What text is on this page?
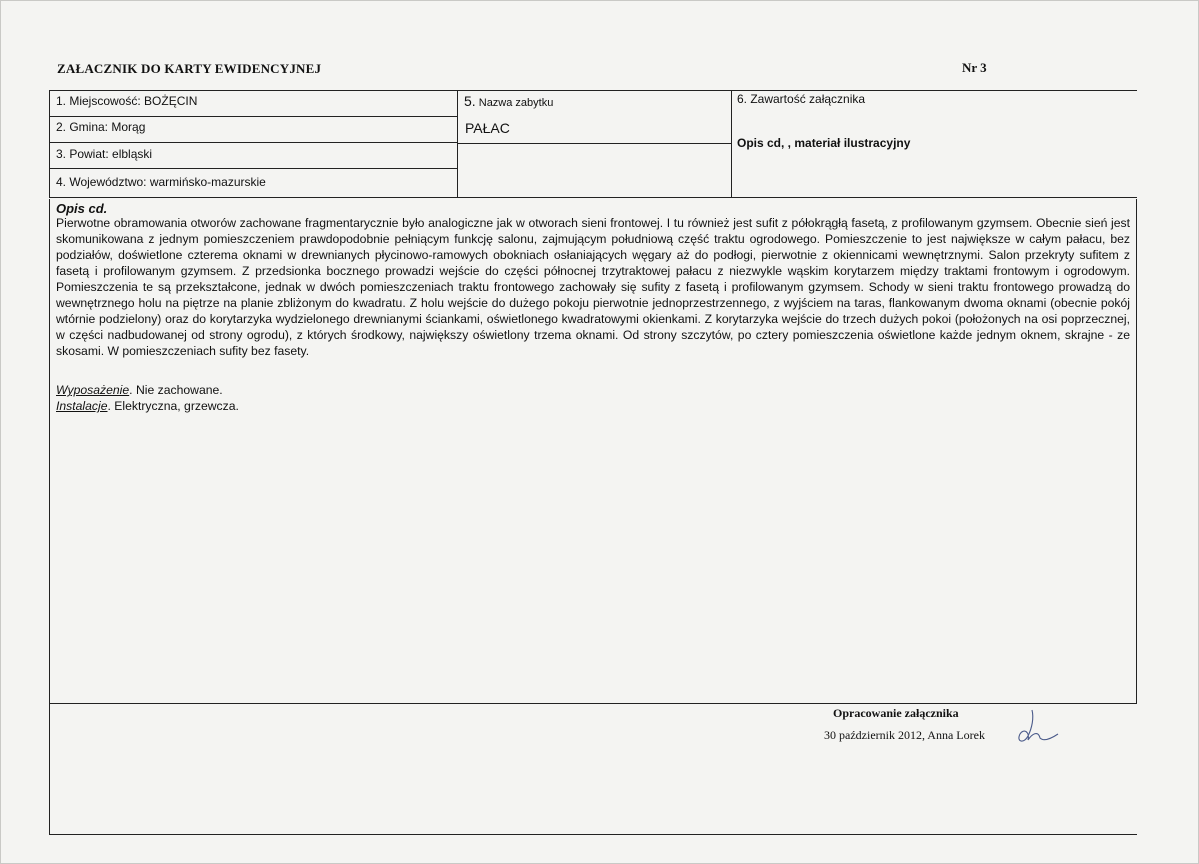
ZAŁACZNIK DO KARTY EWIDENCYJNEJ	Nr 3
1. Miejscowość: BOŻĘCIN
2. Gmina: Morąg
3. Powiat: elbląski
4. Województwo: warmińsko-mazurskie
5. Nazwa zabytku
PAŁAC
6. Zawartość załącznika
Opis cd, , materiał ilustracyjny
Opis cd.

Pierwotne obramowania otworów zachowane fragmentarycznie było analogiczne jak w otworach sieni frontowej. I tu również jest sufit z półokrągłą fasetą, z profilowanym gzymsem. Obecnie sień jest skomunikowana z jednym pomieszczeniem prawdopodobnie pełniącym funkcję salonu, zajmującym południową część traktu ogrodowego. Pomieszczenie to jest największe w całym pałacu, bez podziałów, doświetlone czterema oknami w drewnianych płycinowo-ramowych obokniach osłaniających węgary aż do podłogi, pierwotnie z okiennicami wewnętrznymi. Salon przekryty sufitem z fasetą i profilowanym gzymsem. Z przedsionka bocznego prowadzi wejście do części północnej trzytraktowej pałacu z niezwykle wąskim korytarzem między traktami frontowym i ogrodowym. Pomieszczenia te są przekształcone, jednak w dwóch pomieszczeniach traktu frontowego zachowały się sufity z fasetą i profilowanym gzymsem. Schody w sieni traktu frontowego prowadzą do wewnętrznego holu na piętrze na planie zbliżonym do kwadratu. Z holu wejście do dużego pokoju pierwotnie jednoprzestrzennego, z wyjściem na taras, flankowanym dwoma oknami (obecnie pokój wtórnie podzielony) oraz do korytarzyka wydzielonego drewnianymi ściankami, oświetlonego kwadratowymi okienkami. Z korytarzyka wejście do trzech dużych pokoi (położonych na osi poprzecznej, w części nadbudowanej od strony ogrodu), z których środkowy, największy oświetlony trzema oknami. Od strony szczytów, po cztery pomieszczenia oświetlone każde jednym oknem, skrajne - ze skosami. W pomieszczeniach sufity bez fasety.

Wyposażenie. Nie zachowane.
Instalacje. Elektryczna, grzewcza.
Opracowanie załącznika
30 październik 2012, Anna Lorek
